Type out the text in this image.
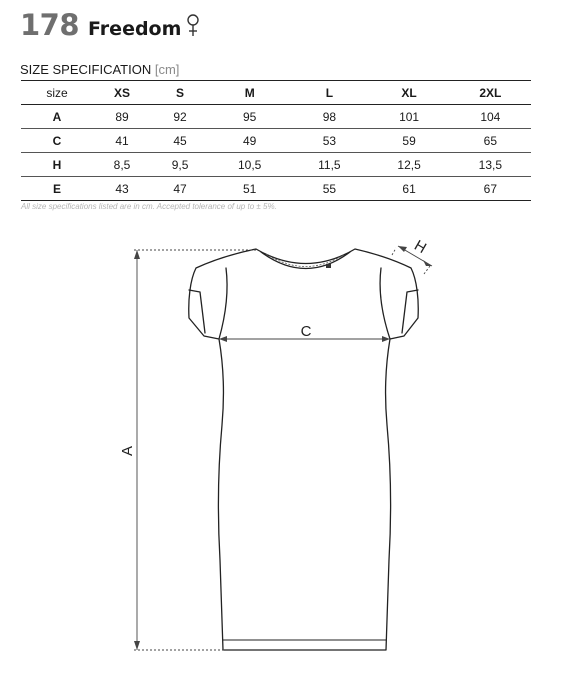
178 Freedom
SIZE SPECIFICATION [cm]
size	XS	S	M	L	XL	2XL
A	89	92	95	98	101	104
C	41	45	49	53	59	65
H	8,5	9,5	10,5	11,5	12,5	13,5
E	43	47	51	55	61	67
All size specifications listed are in cm. Accepted tolerance of up to ± 5%.
A
C
H
